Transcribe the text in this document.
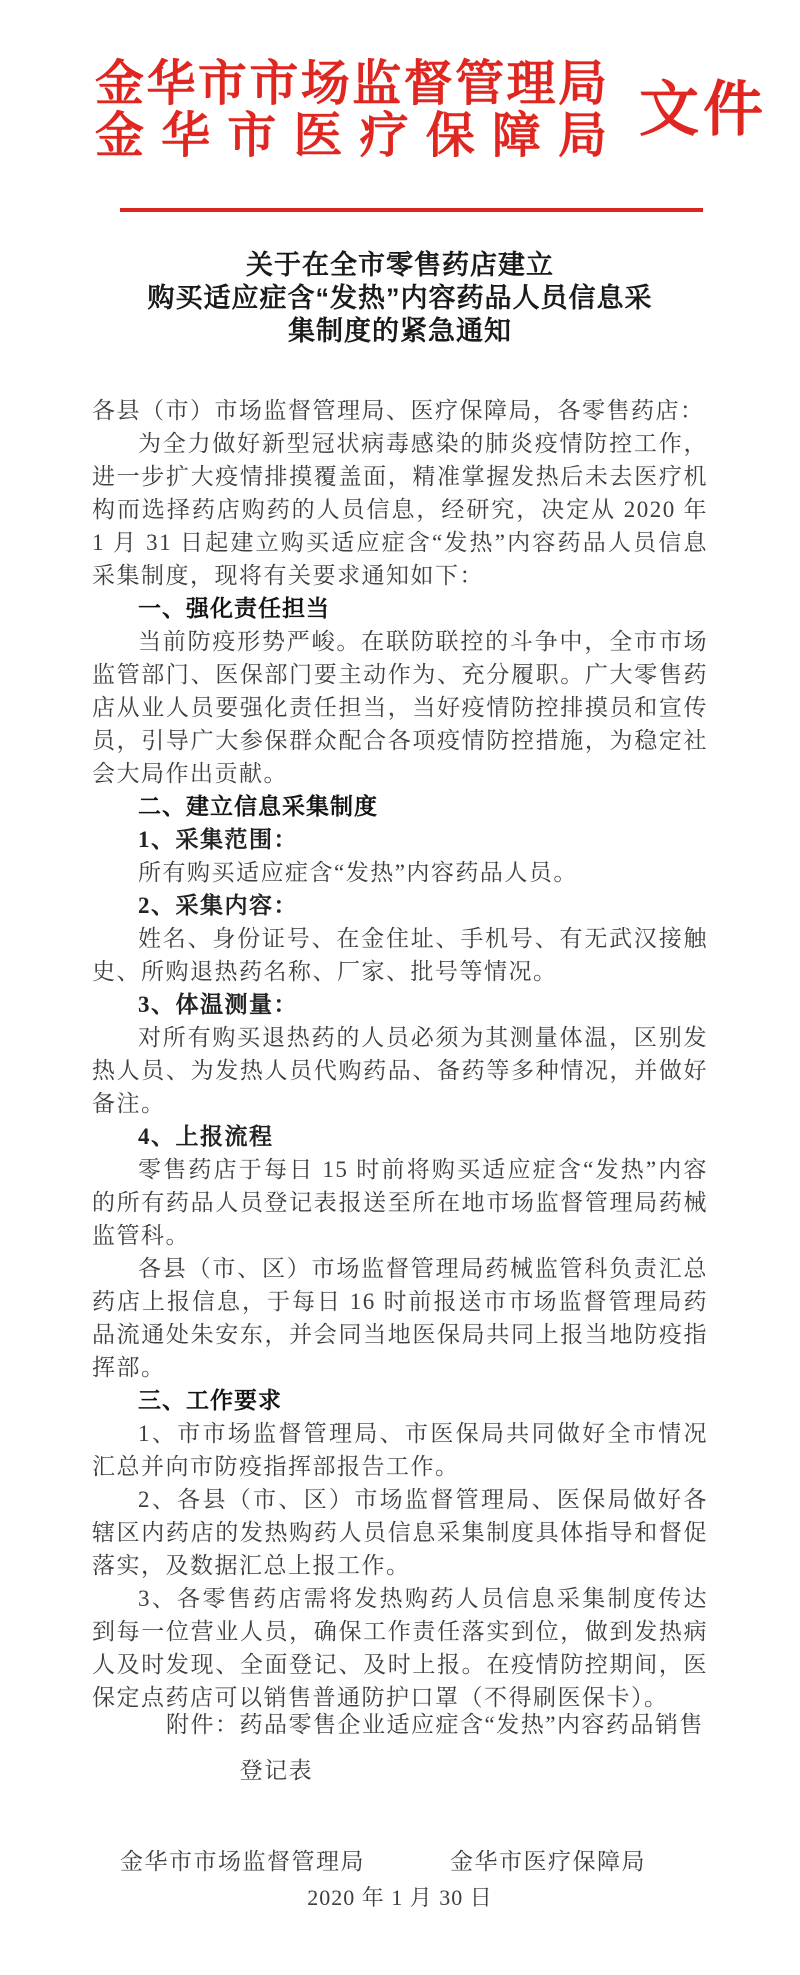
金华市市场监督管理局
金华市医疗保障局 文件
关于在全市零售药店建立
购买适应症含“发热”内容药品人员信息采
集制度的紧急通知

各县（市）市场监督管理局、医疗保障局，各零售药店：

为全力做好新型冠状病毒感染的肺炎疫情防控工作，进一步扩大疫情排摸覆盖面，精准掌握发热后未去医疗机构而选择药店购药的人员信息，经研究，决定从 2020 年 1 月 31 日起建立购买适应症含“发热”内容药品人员信息采集制度，现将有关要求通知如下：

一、强化责任担当

当前防疫形势严峻。在联防联控的斗争中，全市市场监管部门、医保部门要主动作为、充分履职。广大零售药店从业人员要强化责任担当，当好疫情防控排摸员和宣传员，引导广大参保群众配合各项疫情防控措施，为稳定社会大局作出贡献。

二、建立信息采集制度

1、采集范围：

所有购买适应症含“发热”内容药品人员。

2、采集内容：

姓名、身份证号、在金住址、手机号、有无武汉接触史、所购退热药名称、厂家、批号等情况。

3、体温测量：

对所有购买退热药的人员必须为其测量体温，区别发热人员、为发热人员代购药品、备药等多种情况，并做好备注。

4、上报流程

零售药店于每日 15 时前将购买适应症含“发热”内容的所有药品人员登记表报送至所在地市场监督管理局药械监管科。

各县（市、区）市场监督管理局药械监管科负责汇总药店上报信息，于每日 16 时前报送市市场监督管理局药品流通处朱安东，并会同当地医保局共同上报当地防疫指挥部。

三、工作要求

1、市市场监督管理局、市医保局共同做好全市情况汇总并向市防疫指挥部报告工作。

2、各县（市、区）市场监督管理局、医保局做好各辖区内药店的发热购药人员信息采集制度具体指导和督促落实，及数据汇总上报工作。

3、各零售药店需将发热购药人员信息采集制度传达到每一位营业人员，确保工作责任落实到位，做到发热病人及时发现、全面登记、及时上报。在疫情防控期间，医保定点药店可以销售普通防护口罩（不得刷医保卡）。

附件：药品零售企业适应症含“发热”内容药品销售登记表
金华市市场监督管理局	金华市医疗保障局
2020 年 1 月 30 日
